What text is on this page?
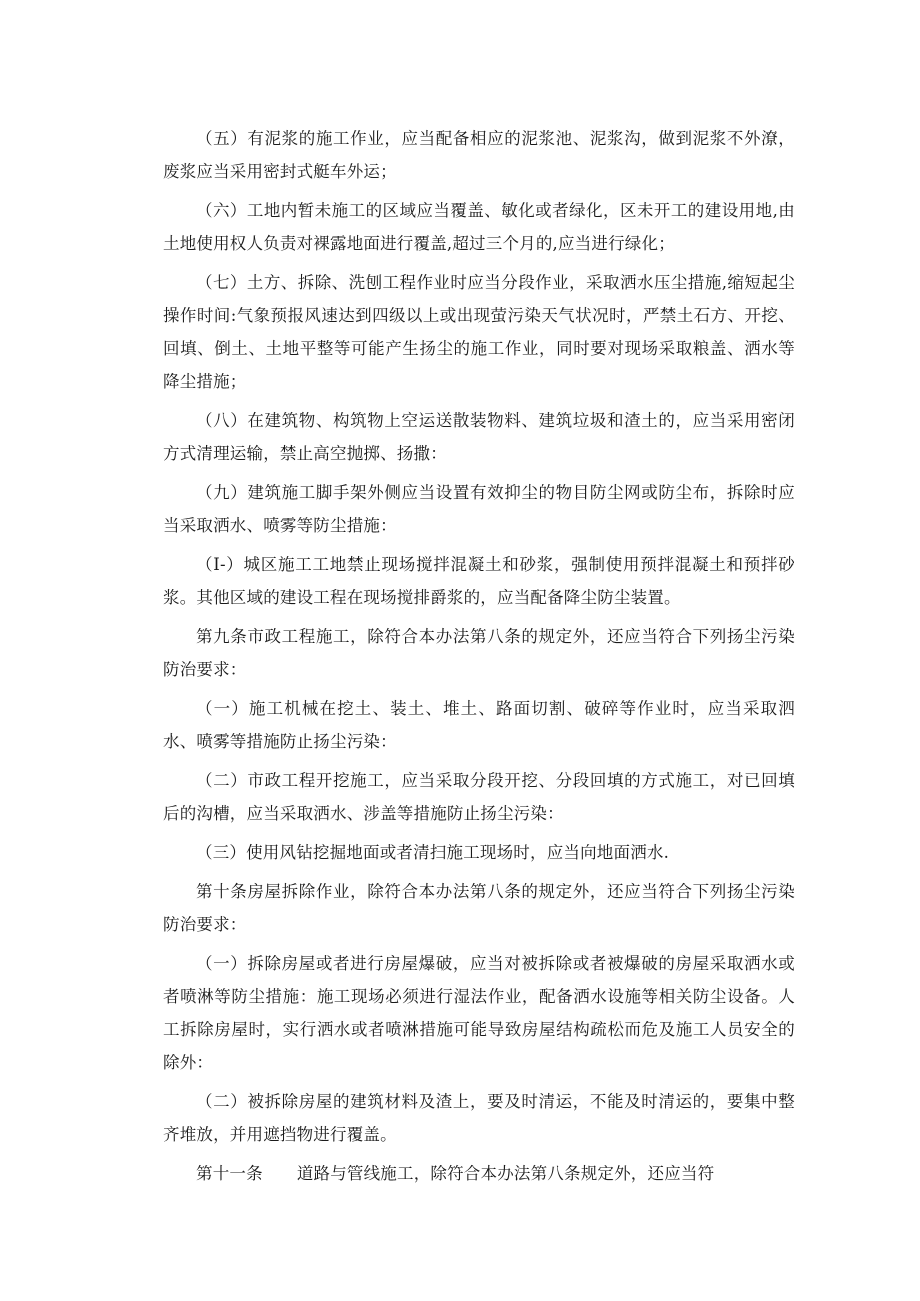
（五）有泥浆的施工作业，应当配备相应的泥浆池、泥浆沟，做到泥浆不外潦，废浆应当采用密封式艇车外运；

（六）工地内暂未施工的区域应当覆盖、敏化或者绿化，区未开工的建设用地,由土地使用权人负责对裸露地面进行覆盖,超过三个月的,应当进行绿化；

（七）土方、拆除、洗刨工程作业时应当分段作业，采取洒水压尘措施,缩短起尘操作时间:气象预报风速达到四级以上或出现萤污染天气状况时，严禁土石方、开挖、回填、倒土、土地平整等可能产生扬尘的施工作业，同时要对现场采取粮盖、洒水等降尘措施；

（八）在建筑物、构筑物上空运送散装物料、建筑垃圾和渣土的，应当采用密闭方式清理运输，禁止高空抛掷、扬撒：

（九）建筑施工脚手架外侧应当设置有效抑尘的物目防尘网或防尘布，拆除时应当采取洒水、喷雾等防尘措施：

（I-）城区施工工地禁止现场搅拌混凝土和砂浆，强制使用预拌混凝土和预拌砂浆。其他区域的建设工程在现场搅排爵浆的，应当配备降尘防尘装置。

第九条市政工程施工，除符合本办法第八条的规定外，还应当符合下列扬尘污染防治要求：

（一）施工机械在挖土、装土、堆土、路面切割、破碎等作业时，应当采取泗水、喷雾等措施防止扬尘污染：

（二）市政工程开挖施工，应当采取分段开挖、分段回填的方式施工，对已回填后的沟槽，应当采取洒水、涉盖等措施防止扬尘污染：

（三）使用风钻挖掘地面或者清扫施工现场时，应当向地面洒水.

第十条房屋拆除作业，除符合本办法第八条的规定外，还应当符合下列扬尘污染防治要求：

（一）拆除房屋或者进行房屋爆破，应当对被拆除或者被爆破的房屋采取洒水或者喷淋等防尘措施：施工现场必须进行湿法作业，配备洒水设施等相关防尘设备。人工拆除房屋时，实行洒水或者喷淋措施可能导致房屋结构疏松而危及施工人员安全的除外：

（二）被拆除房屋的建筑材料及渣上，要及时清运，不能及时清运的，要集中整齐堆放，并用遮挡物进行覆盖。

第十一条 道路与管线施工，除符合本办法第八条规定外，还应当符
